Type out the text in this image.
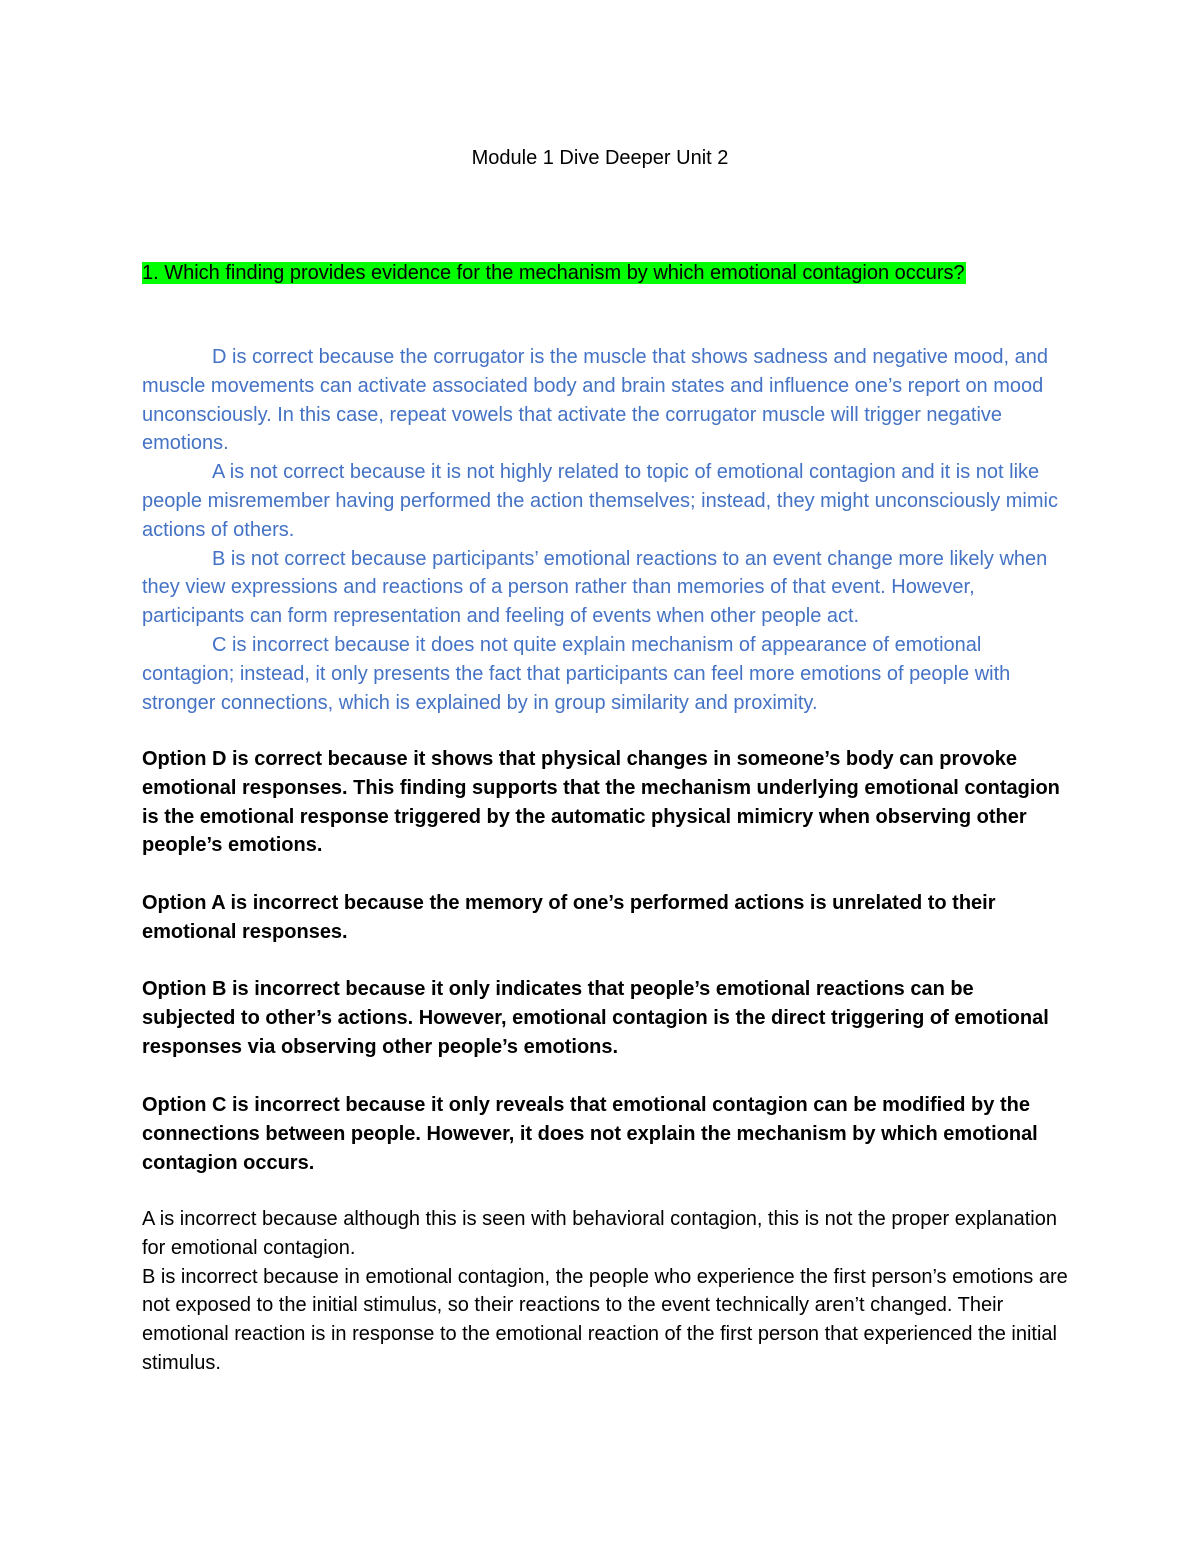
Module 1 Dive Deeper Unit 2
1. Which finding provides evidence for the mechanism by which emotional contagion occurs?

D is correct because the corrugator is the muscle that shows sadness and negative mood, and muscle movements can activate associated body and brain states and influence one’s report on mood unconsciously. In this case, repeat vowels that activate the corrugator muscle will trigger negative emotions.

A is not correct because it is not highly related to topic of emotional contagion and it is not like people misremember having performed the action themselves; instead, they might unconsciously mimic actions of others.

B is not correct because participants’ emotional reactions to an event change more likely when they view expressions and reactions of a person rather than memories of that event. However, participants can form representation and feeling of events when other people act.

C is incorrect because it does not quite explain mechanism of appearance of emotional contagion; instead, it only presents the fact that participants can feel more emotions of people with stronger connections, which is explained by in group similarity and proximity.

Option D is correct because it shows that physical changes in someone’s body can provoke emotional responses. This finding supports that the mechanism underlying emotional contagion is the emotional response triggered by the automatic physical mimicry when observing other people’s emotions.

Option A is incorrect because the memory of one’s performed actions is unrelated to their emotional responses.

Option B is incorrect because it only indicates that people’s emotional reactions can be subjected to other’s actions. However, emotional contagion is the direct triggering of emotional responses via observing other people’s emotions.

Option C is incorrect because it only reveals that emotional contagion can be modified by the connections between people. However, it does not explain the mechanism by which emotional contagion occurs.

A is incorrect because although this is seen with behavioral contagion, this is not the proper explanation for emotional contagion.

B is incorrect because in emotional contagion, the people who experience the first person’s emotions are not exposed to the initial stimulus, so their reactions to the event technically aren’t changed. Their emotional reaction is in response to the emotional reaction of the first person that experienced the initial stimulus.
